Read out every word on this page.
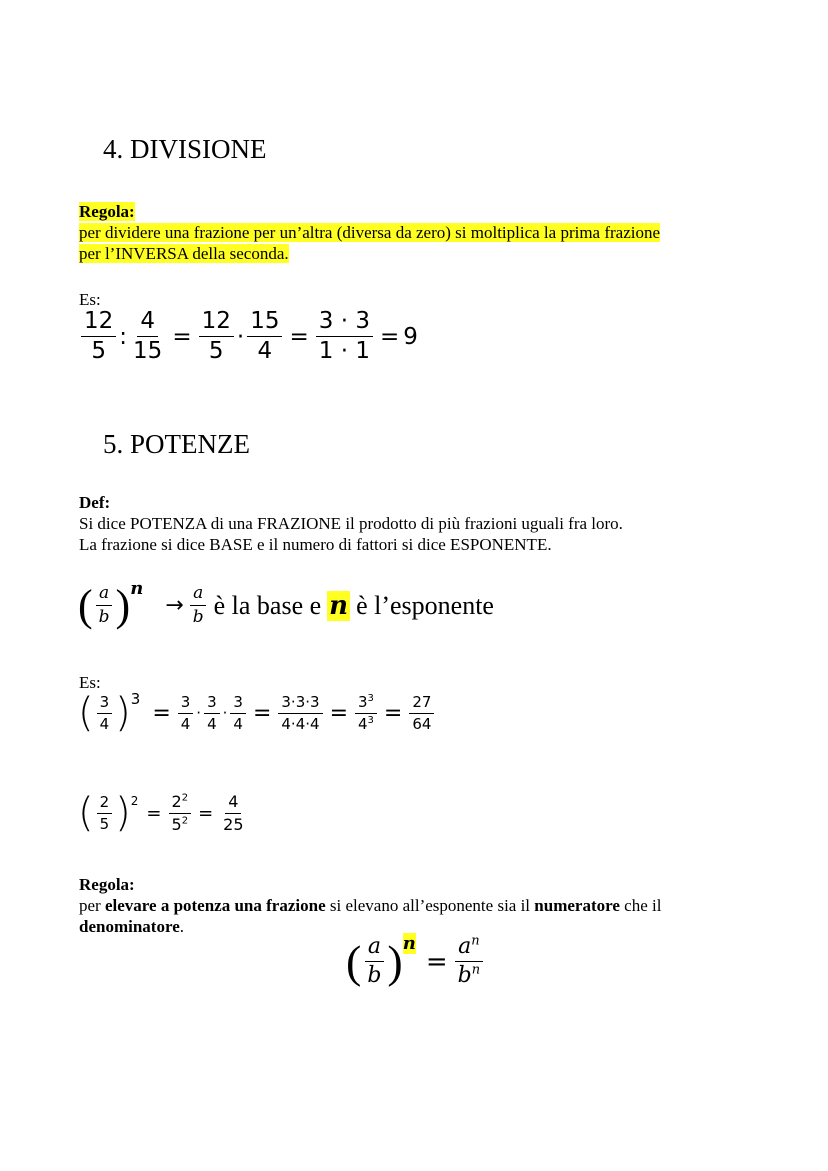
4. DIVISIONE
Regola:
per dividere una frazione per un’altra (diversa da zero) si moltiplica la prima frazione
per l’INVERSA della seconda.
Es:
$\frac{12}{5}$ : $\frac{4}{15} = \frac{12}{5} \cdot \frac{15}{4} = \frac{3 \cdot 3}{1 \cdot 1} = 9$
5. POTENZE
Def:
Si dice POTENZA di una FRAZIONE il prodotto di più frazioni uguali fra loro.
La frazione si dice BASE e il numero di fattori si dice ESPONENTE.
( $\frac{a}{b}$ ) n
→ $\frac{a}{b}$ è la base e n è l’esponente
Es:
( $\frac{3}{4}$ ) 3
= $\frac{3}{4} \cdot \frac{3}{4} \cdot \frac{3}{4} = \frac{3\cdot 3\cdot 3}{4\cdot 4\cdot 4} = \frac{3^3}{4^3} = \frac{27}{64}$
( $\frac{2}{5}$ ) 2
= $\frac{2^2}{5^2} = \frac{4}{25}$
Regola:
per elevare a potenza una frazione si elevano all’esponente sia il numeratore che il
denominatore.
( $\frac{a}{b}$ ) n
= $\frac{a^n}{b^n}$
